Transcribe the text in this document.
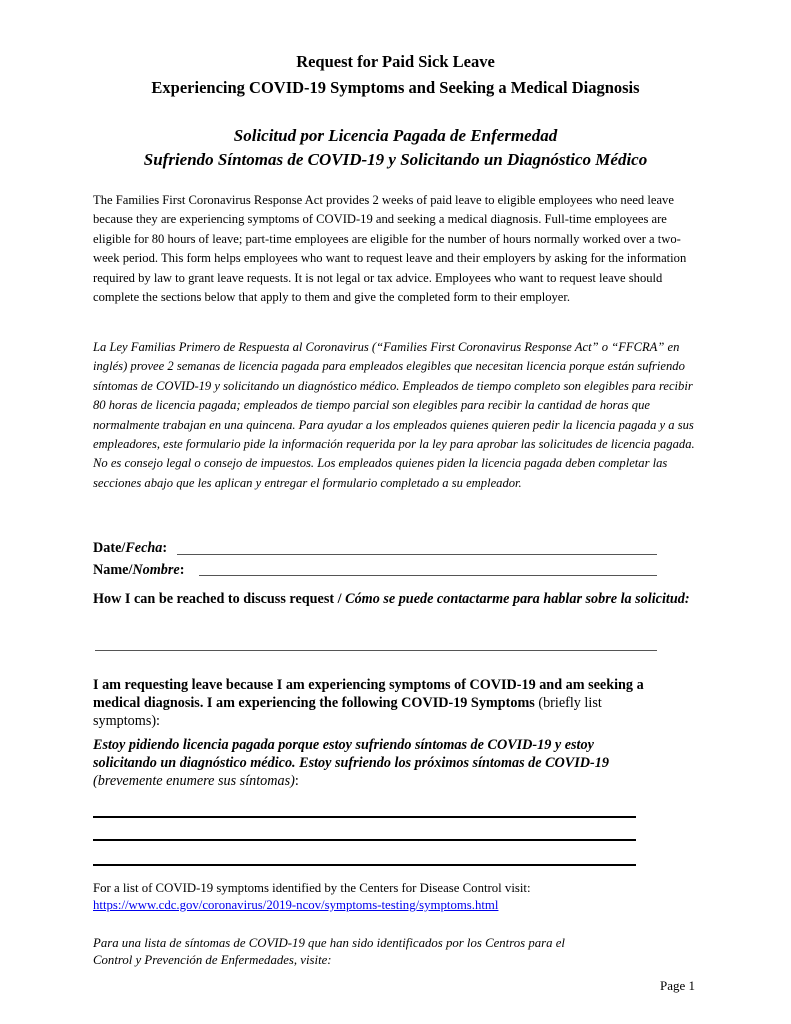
Request for Paid Sick Leave
Experiencing COVID-19 Symptoms and Seeking a Medical Diagnosis
Solicitud por Licencia Pagada de Enfermedad
Sufriendo Síntomas de COVID-19 y Solicitando un Diagnóstico Médico
The Families First Coronavirus Response Act provides 2 weeks of paid leave to eligible employees who need leave because they are experiencing symptoms of COVID-19 and seeking a medical diagnosis. Full-time employees are eligible for 80 hours of leave; part-time employees are eligible for the number of hours normally worked over a two-week period. This form helps employees who want to request leave and their employers by asking for the information required by law to grant leave requests. It is not legal or tax advice. Employees who want to request leave should complete the sections below that apply to them and give the completed form to their employer.
La Ley Familias Primero de Respuesta al Coronavirus (“Families First Coronavirus Response Act” o “FFCRA” en inglés) provee 2 semanas de licencia pagada para empleados elegibles que necesitan licencia porque están sufriendo síntomas de COVID-19 y solicitando un diagnóstico médico. Empleados de tiempo completo son elegibles para recibir 80 horas de licencia pagada; empleados de tiempo parcial son elegibles para recibir la cantidad de horas que normalmente trabajan en una quincena. Para ayudar a los empleados quienes quieren pedir la licencia pagada y a sus empleadores, este formulario pide la información requerida por la ley para aprobar las solicitudes de licencia pagada. No es consejo legal o consejo de impuestos. Los empleados quienes piden la licencia pagada deben completar las secciones abajo que les aplican y entregar el formulario completado a su empleador.
Date/Fecha:
Name/Nombre:
How I can be reached to discuss request / Cómo se puede contactarme para hablar sobre la solicitud:
I am requesting leave because I am experiencing symptoms of COVID-19 and am seeking a medical diagnosis. I am experiencing the following COVID-19 Symptoms (briefly list symptoms):
Estoy pidiendo licencia pagada porque estoy sufriendo síntomas de COVID-19 y estoy solicitando un diagnóstico médico. Estoy sufriendo los próximos síntomas de COVID-19 (brevemente enumere sus síntomas):
For a list of COVID-19 symptoms identified by the Centers for Disease Control visit:
https://www.cdc.gov/coronavirus/2019-ncov/symptoms-testing/symptoms.html
Para una lista de síntomas de COVID-19 que han sido identificados por los Centros para el Control y Prevención de Enfermedades, visite:
Page 1
